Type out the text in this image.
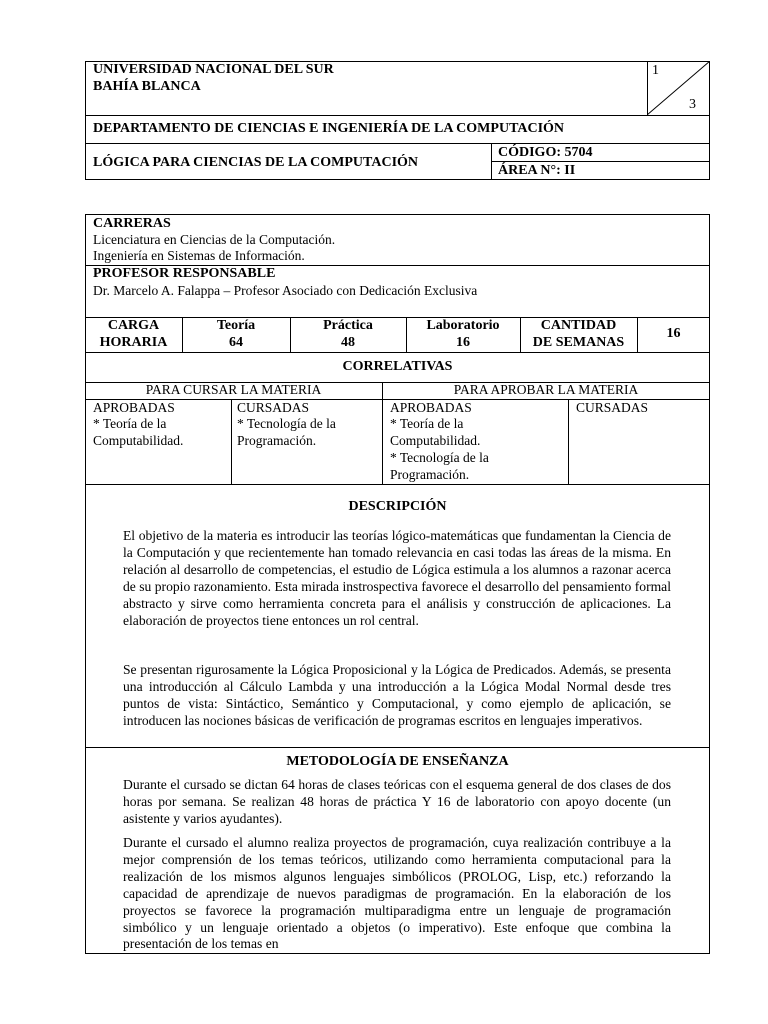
UNIVERSIDAD NACIONAL DEL SUR
BAHÍA BLANCA
1
3
DEPARTAMENTO DE CIENCIAS E INGENIERÍA DE LA COMPUTACIÓN
LÓGICA PARA CIENCIAS DE LA COMPUTACIÓN
CÓDIGO: 5704
ÁREA N°: II
CARRERAS
Licenciatura en Ciencias de la Computación.
Ingeniería en Sistemas de Información.
PROFESOR RESPONSABLE
Dr. Marcelo A. Falappa – Profesor Asociado con Dedicación Exclusiva
CARGA
HORARIA
Teoría
64
Práctica
48
Laboratorio
16
CANTIDAD
DE SEMANAS
16
CORRELATIVAS
PARA CURSAR LA MATERIA	PARA APROBAR LA MATERIA
APROBADAS
* Teoría de la
Computabilidad.
CURSADAS
* Tecnología de la
Programación.
APROBADAS
* Teoría de la
Computabilidad.
* Tecnología de la
Programación.
CURSADAS
DESCRIPCIÓN
El objetivo de la materia es introducir las teorías lógico-matemáticas que fundamentan la Ciencia de la Computación y que recientemente han tomado relevancia en casi todas las áreas de la misma. En relación al desarrollo de competencias, el estudio de Lógica estimula a los alumnos a razonar acerca de su propio razonamiento. Esta mirada instrospectiva favorece el desarrollo del pensamiento formal abstracto y sirve como herramienta concreta para el análisis y construcción de aplicaciones. La elaboración de proyectos tiene entonces un rol central.
Se presentan rigurosamente la Lógica Proposicional y la Lógica de Predicados. Además, se presenta una introducción al Cálculo Lambda y una introducción a la Lógica Modal Normal desde tres puntos de vista: Sintáctico, Semántico y Computacional, y como ejemplo de aplicación, se introducen las nociones básicas de verificación de programas escritos en lenguajes imperativos.
METODOLOGÍA DE ENSEÑANZA
Durante el cursado se dictan 64 horas de clases teóricas con el esquema general de dos clases de dos horas por semana. Se realizan 48 horas de práctica Y 16 de laboratorio con apoyo docente (un asistente y varios ayudantes).
Durante el cursado el alumno realiza proyectos de programación, cuya realización contribuye a la mejor comprensión de los temas teóricos, utilizando como herramienta computacional para la realización de los mismos algunos lenguajes simbólicos (PROLOG, Lisp, etc.) reforzando la capacidad de aprendizaje de nuevos paradigmas de programación. En la elaboración de los proyectos se favorece la programación multiparadigma entre un lenguaje de programación simbólico y un lenguaje orientado a objetos (o imperativo). Este enfoque que combina la presentación de los temas en
